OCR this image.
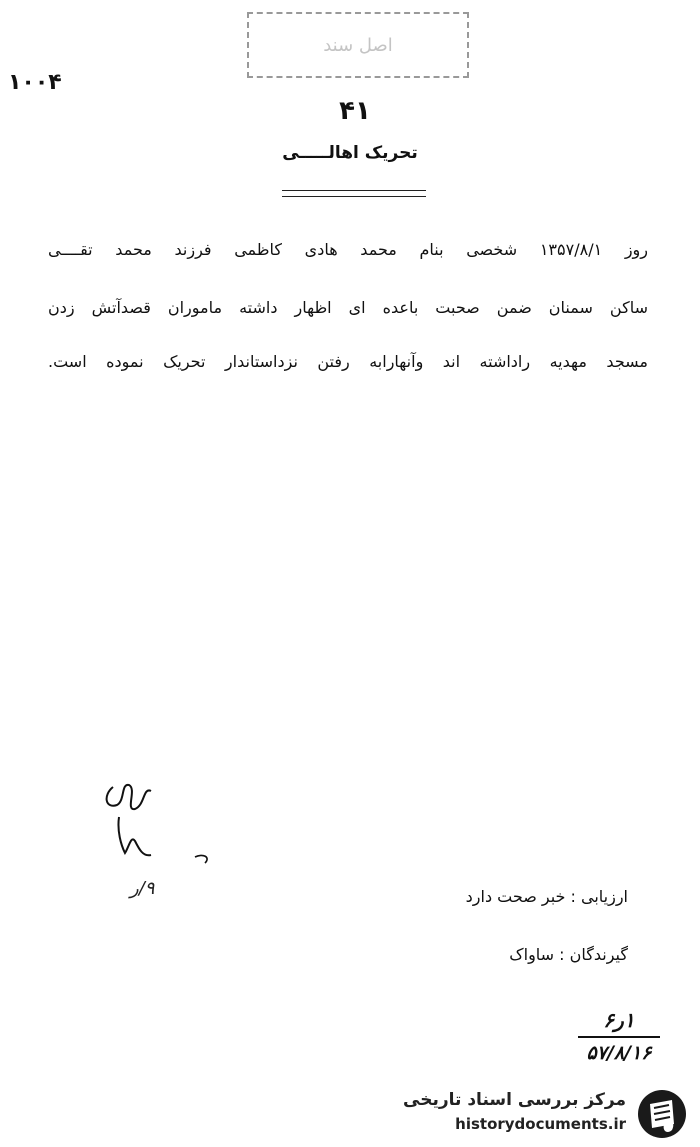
اصل سند
۱۰۰۴
۴۱
تحریک اهالـــــی
روز ۱۳۵۷/۸/۱ شخصی بنام محمد هادی کاظمی فرزند محمد تقــــی
ساکن سمنان ضمن صحبت باعده ای اظهار داشته ماموران قصدآتش زدن
مسجد مهدیه راداشته اند وآنهارابه رفتن نزداستاندار تحریک نموده است.
۹/ر	ارزیابی : خبر صحت دارد
گیرندگان : ساواک
۱ر۶
۵۷/۸/۱۶
مرکز بررسی اسناد تاریخی
historydocuments.ir
